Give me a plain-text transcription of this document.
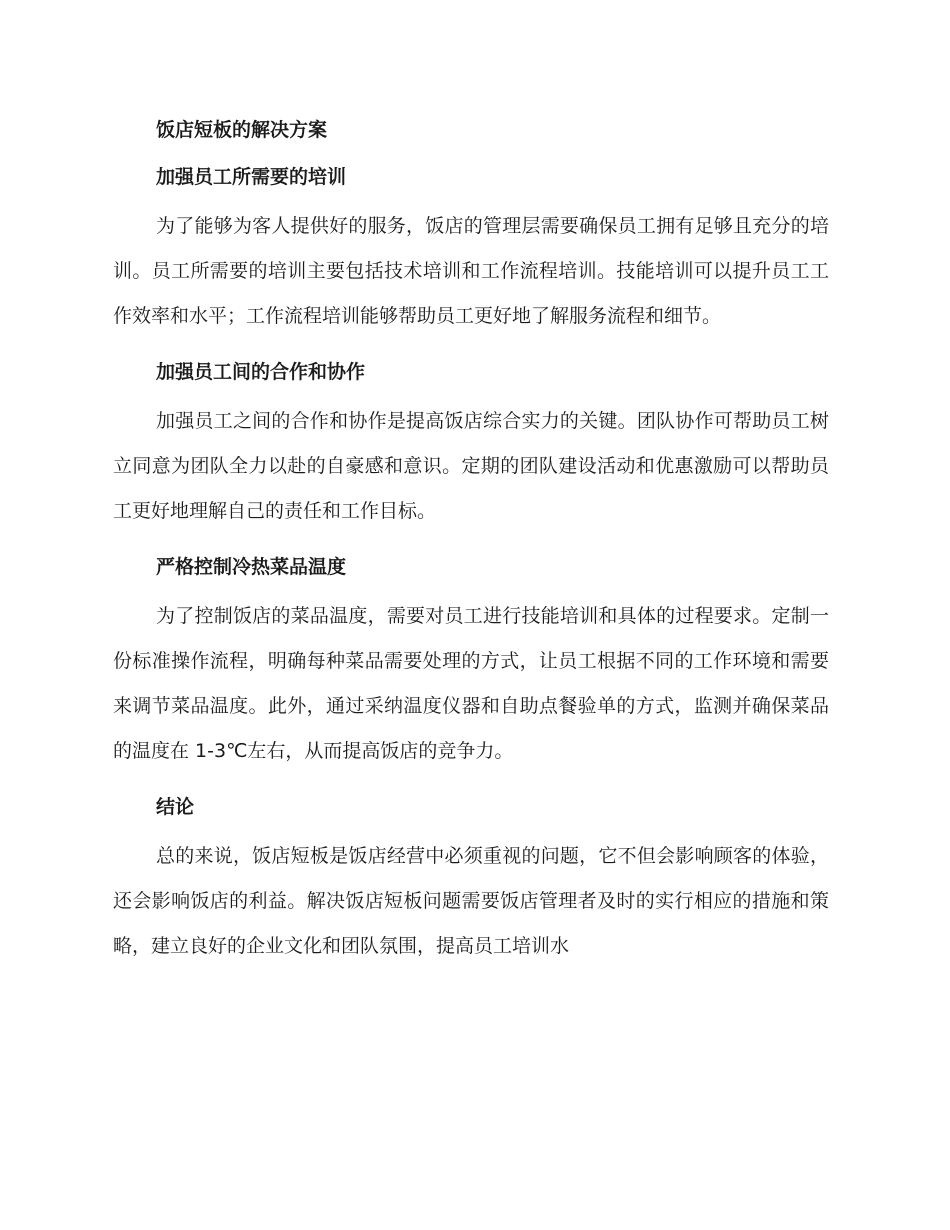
饭店短板的解决方案
加强员工所需要的培训

为了能够为客人提供好的服务，饭店的管理层需要确保员工拥有足够且充分的培训。员工所需要的培训主要包括技术培训和工作流程培训。技能培训可以提升员工工作效率和水平；工作流程培训能够帮助员工更好地了解服务流程和细节。

加强员工间的合作和协作

加强员工之间的合作和协作是提高饭店综合实力的关键。团队协作可帮助员工树立同意为团队全力以赴的自豪感和意识。定期的团队建设活动和优惠激励可以帮助员工更好地理解自己的责任和工作目标。

严格控制冷热菜品温度

为了控制饭店的菜品温度，需要对员工进行技能培训和具体的过程要求。定制一份标准操作流程，明确每种菜品需要处理的方式，让员工根据不同的工作环境和需要来调节菜品温度。此外，通过采纳温度仪器和自助点餐验单的方式，监测并确保菜品的温度在 1-3℃左右，从而提高饭店的竞争力。

结论

总的来说，饭店短板是饭店经营中必须重视的问题，它不但会影响顾客的体验，还会影响饭店的利益。解决饭店短板问题需要饭店管理者及时的实行相应的措施和策略，建立良好的企业文化和团队氛围，提高员工培训水
